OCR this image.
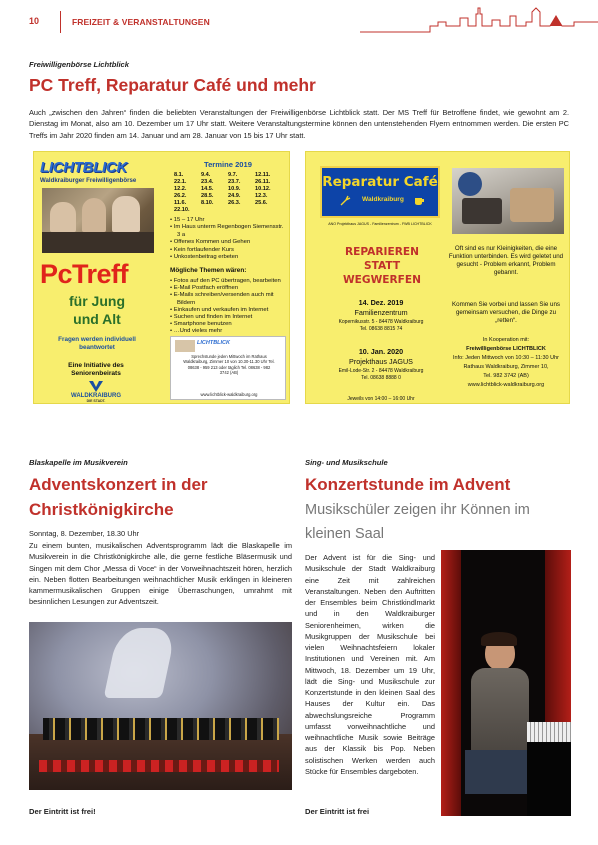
10	FREIZEIT & VERANSTALTUNGEN
Freiwilligenbörse Lichtblick
PC Treff, Reparatur Café und mehr
Auch „zwischen den Jahren“ finden die beliebten Veranstaltungen der Freiwilligenbörse Lichtblick statt. Der MS Treff für Betroffene findet, wie gewohnt am 2. Dienstag im Monat, also am 10. Dezember um 17 Uhr statt. Weitere Veranstaltungstermine können den untenstehenden Flyern entnommen werden. Die ersten PC Treffs im Jahr 2020 finden am 14. Januar und am 28. Januar von 15 bis 17 Uhr statt.
LICHTBLICK
Waldkraiburger Freiwilligenbörse
PcTreff
für Jung
und Alt
Fragen werden individuell beantwortet
Eine Initiative des Seniorenbeirats
WALDKRAIBURG
DIE STADT.
Termine 2019
8.1.	9.4.	9.7.	12.11.
22.1.	23.4.	23.7.	26.11.
12.2.	14.5.	10.9.	10.12.
26.2.	28.5.	24.9.	12.3.
11.6.	8.10.	26.3.	25.6.
22.10.
• 15 – 17 Uhr
• Im Haus unterm Regenbogen Siemensstr. 3 a
• Offenes Kommen und Gehen
• Kein fortlaufender Kurs
• Unkostenbeitrag erbeten
Mögliche Themen wären:
• Fotos auf den PC übertragen, bearbeiten
• E-Mail Postfach eröffnen
• E-Mails schreiben/versenden auch mit Bildern
• Einkaufen und verkaufen im Internet
• Suchen und finden im Internet
• Smartphone benutzen
• …Und vieles mehr
LICHTBLICK
Sprechstunde jeden Mittwoch im Rathaus Waldkraiburg, Zimmer 10 von 10.30-11.30 Uhr Tel. 08638 - 959 213 oder täglich Tel. 08638 - 982 3742 (AB)
www.lichtblick-waldkraiburg.org
Reparatur Café
Waldkraiburg
ANO Projekthaus JAGUS - Familienzentrum - FWB LICHTBLICK
REPARIEREN
STATT
WEGWERFEN
Oft sind es nur Kleinigkeiten, die eine Funktion unterbinden. Es wird geletet und gesucht - Problem erkannt, Problem gebannt.
14. Dez. 2019
Familienzentrum
Kopernikusstr. 5 - 84478 Waldkraiburg
Tel. 08638 8815 74
10. Jan. 2020
Projekthaus JAGUS
Emil-Lode-Str. 2 - 84478 Waldkraiburg
Tel. 08638 8888 0
Jeweils von 14:00 – 16:00 Uhr
Kommen Sie vorbei und lassen Sie uns gemeinsam versuchen, die Dinge zu „retten“.
In Kooperation mit:
Freiwilligenbörse LICHTBLICK
Info: Jeden Mittwoch von 10:30 – 11:30 Uhr
Rathaus Waldkraiburg, Zimmer 10,
Tel. 982 3742 (AB)
www.lichtblick-waldkraiburg.org
Blaskapelle im Musikverein
Adventskonzert in der
Christkönigkirche
Sonntag, 8. Dezember, 18.30 Uhr
Zu einem bunten, musikalischen Adventsprogramm lädt die Blaskapelle im Musikverein in die Christkönigkirche alle, die gerne festliche Bläsermusik und Singen mit dem Chor „Messa di Voce“ in der Vorweihnachtszeit hören, herzlich ein. Neben flotten Bearbeitungen weihnachtlicher Musik erklingen in kleineren kammermusikalischen Gruppen einige Überraschungen, umrahmt mit besinnlichen Lesungen zur Adventszeit.
Der Eintritt ist frei!
Sing- und Musikschule
Konzertstunde im Advent
Musikschüler zeigen ihr Können im
kleinen Saal
Der Advent ist für die Sing- und Musikschule der Stadt Waldkraiburg eine Zeit mit zahlreichen Veranstaltungen. Neben den Auftritten der Ensembles beim Christkindlmarkt und in den Waldkraiburger Seniorenheimen, wirken die Musikgruppen der Musikschule bei vielen Weihnachtsfeiern lokaler Institutionen und Vereinen mit. Am Mittwoch, 18. Dezember um 19 Uhr, lädt die Sing- und Musikschule zur Konzertstunde in den kleinen Saal des Hauses der Kultur ein. Das abwechslungsreiche Programm umfasst vorweihnachtliche und weihnachtliche Musik sowie Beiträge aus der Klassik bis Pop. Neben solistischen Werken werden auch Stücke für Ensembles dargeboten.
Der Eintritt ist frei
